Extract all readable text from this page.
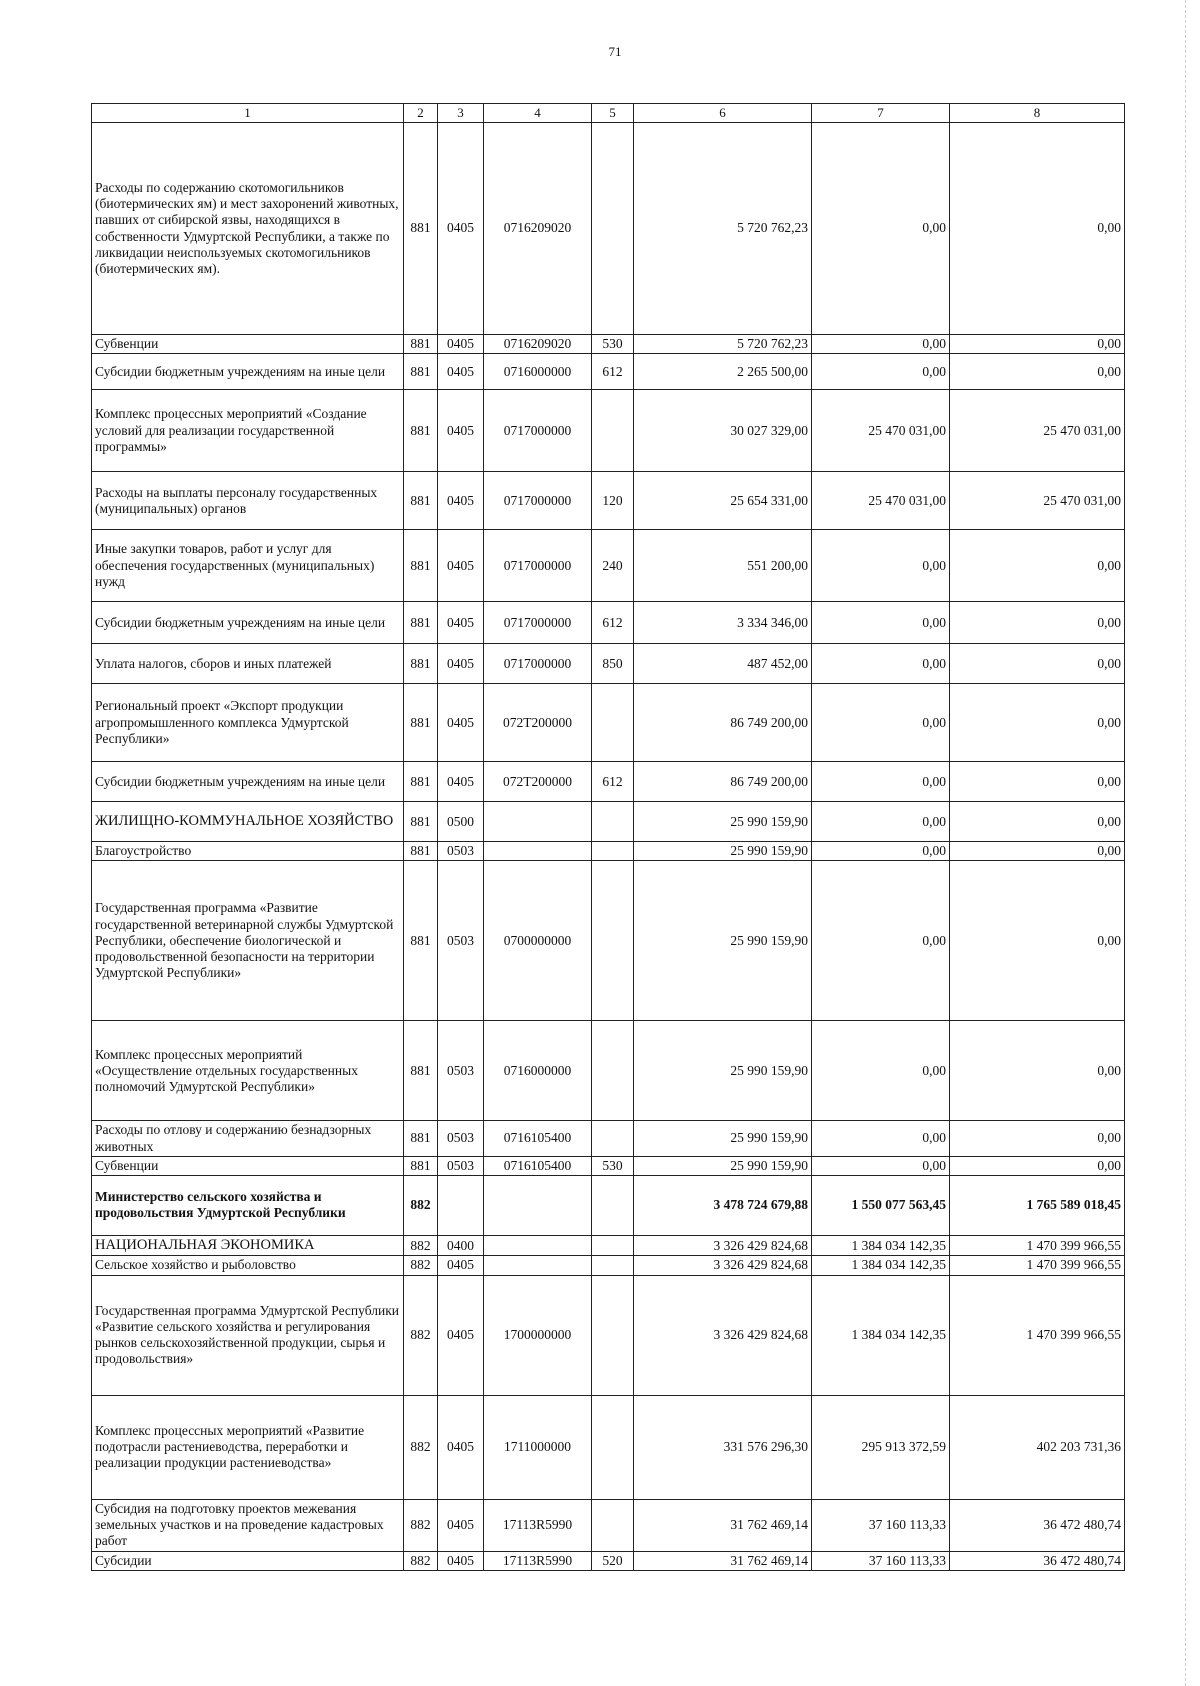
71
1	2	3	4	5	6	7	8
Расходы по содержанию скотомогильников (биотермических ям) и мест захоронений животных, павших от сибирской язвы, находящихся в собственности Удмуртской Республики, а также по ликвидации неиспользуемых скотомогильников (биотермических ям).	881	0405	0716209020		5 720 762,23	0,00	0,00
Субвенции	881	0405	0716209020	530	5 720 762,23	0,00	0,00
Субсидии бюджетным учреждениям на иные цели	881	0405	0716000000	612	2 265 500,00	0,00	0,00
Комплекс процессных мероприятий «Создание условий для реализации государственной программы»	881	0405	0717000000		30 027 329,00	25 470 031,00	25 470 031,00
Расходы на выплаты персоналу государственных (муниципальных) органов	881	0405	0717000000	120	25 654 331,00	25 470 031,00	25 470 031,00
Иные закупки товаров, работ и услуг для обеспечения государственных (муниципальных) нужд	881	0405	0717000000	240	551 200,00	0,00	0,00
Субсидии бюджетным учреждениям на иные цели	881	0405	0717000000	612	3 334 346,00	0,00	0,00
Уплата налогов, сборов и иных платежей	881	0405	0717000000	850	487 452,00	0,00	0,00
Региональный проект «Экспорт продукции агропромышленного комплекса Удмуртской Республики»	881	0405	072Т200000		86 749 200,00	0,00	0,00
Субсидии бюджетным учреждениям на иные цели	881	0405	072Т200000	612	86 749 200,00	0,00	0,00
ЖИЛИЩНО-КОММУНАЛЬНОЕ ХОЗЯЙСТВО	881	0500			25 990 159,90	0,00	0,00
Благоустройство	881	0503			25 990 159,90	0,00	0,00
Государственная программа «Развитие государственной ветеринарной службы Удмуртской Республики, обеспечение биологической и продовольственной безопасности на территории Удмуртской Республики»	881	0503	0700000000		25 990 159,90	0,00	0,00
Комплекс процессных мероприятий «Осуществление отдельных государственных полномочий Удмуртской Республики»	881	0503	0716000000		25 990 159,90	0,00	0,00
Расходы по отлову и содержанию безнадзорных животных	881	0503	0716105400		25 990 159,90	0,00	0,00
Субвенции	881	0503	0716105400	530	25 990 159,90	0,00	0,00
Министерство сельского хозяйства и продовольствия Удмуртской Республики	882				3 478 724 679,88	1 550 077 563,45	1 765 589 018,45
НАЦИОНАЛЬНАЯ ЭКОНОМИКА	882	0400			3 326 429 824,68	1 384 034 142,35	1 470 399 966,55
Сельское хозяйство и рыболовство	882	0405			3 326 429 824,68	1 384 034 142,35	1 470 399 966,55
Государственная программа Удмуртской Республики «Развитие сельского хозяйства и регулирования рынков сельскохозяйственной продукции, сырья и продовольствия»	882	0405	1700000000		3 326 429 824,68	1 384 034 142,35	1 470 399 966,55
Комплекс процессных мероприятий «Развитие подотрасли растениеводства, переработки и реализации продукции растениеводства»	882	0405	1711000000		331 576 296,30	295 913 372,59	402 203 731,36
Субсидия на подготовку проектов межевания земельных участков и на проведение кадастровых работ	882	0405	17113R5990		31 762 469,14	37 160 113,33	36 472 480,74
Субсидии	882	0405	17113R5990	520	31 762 469,14	37 160 113,33	36 472 480,74
